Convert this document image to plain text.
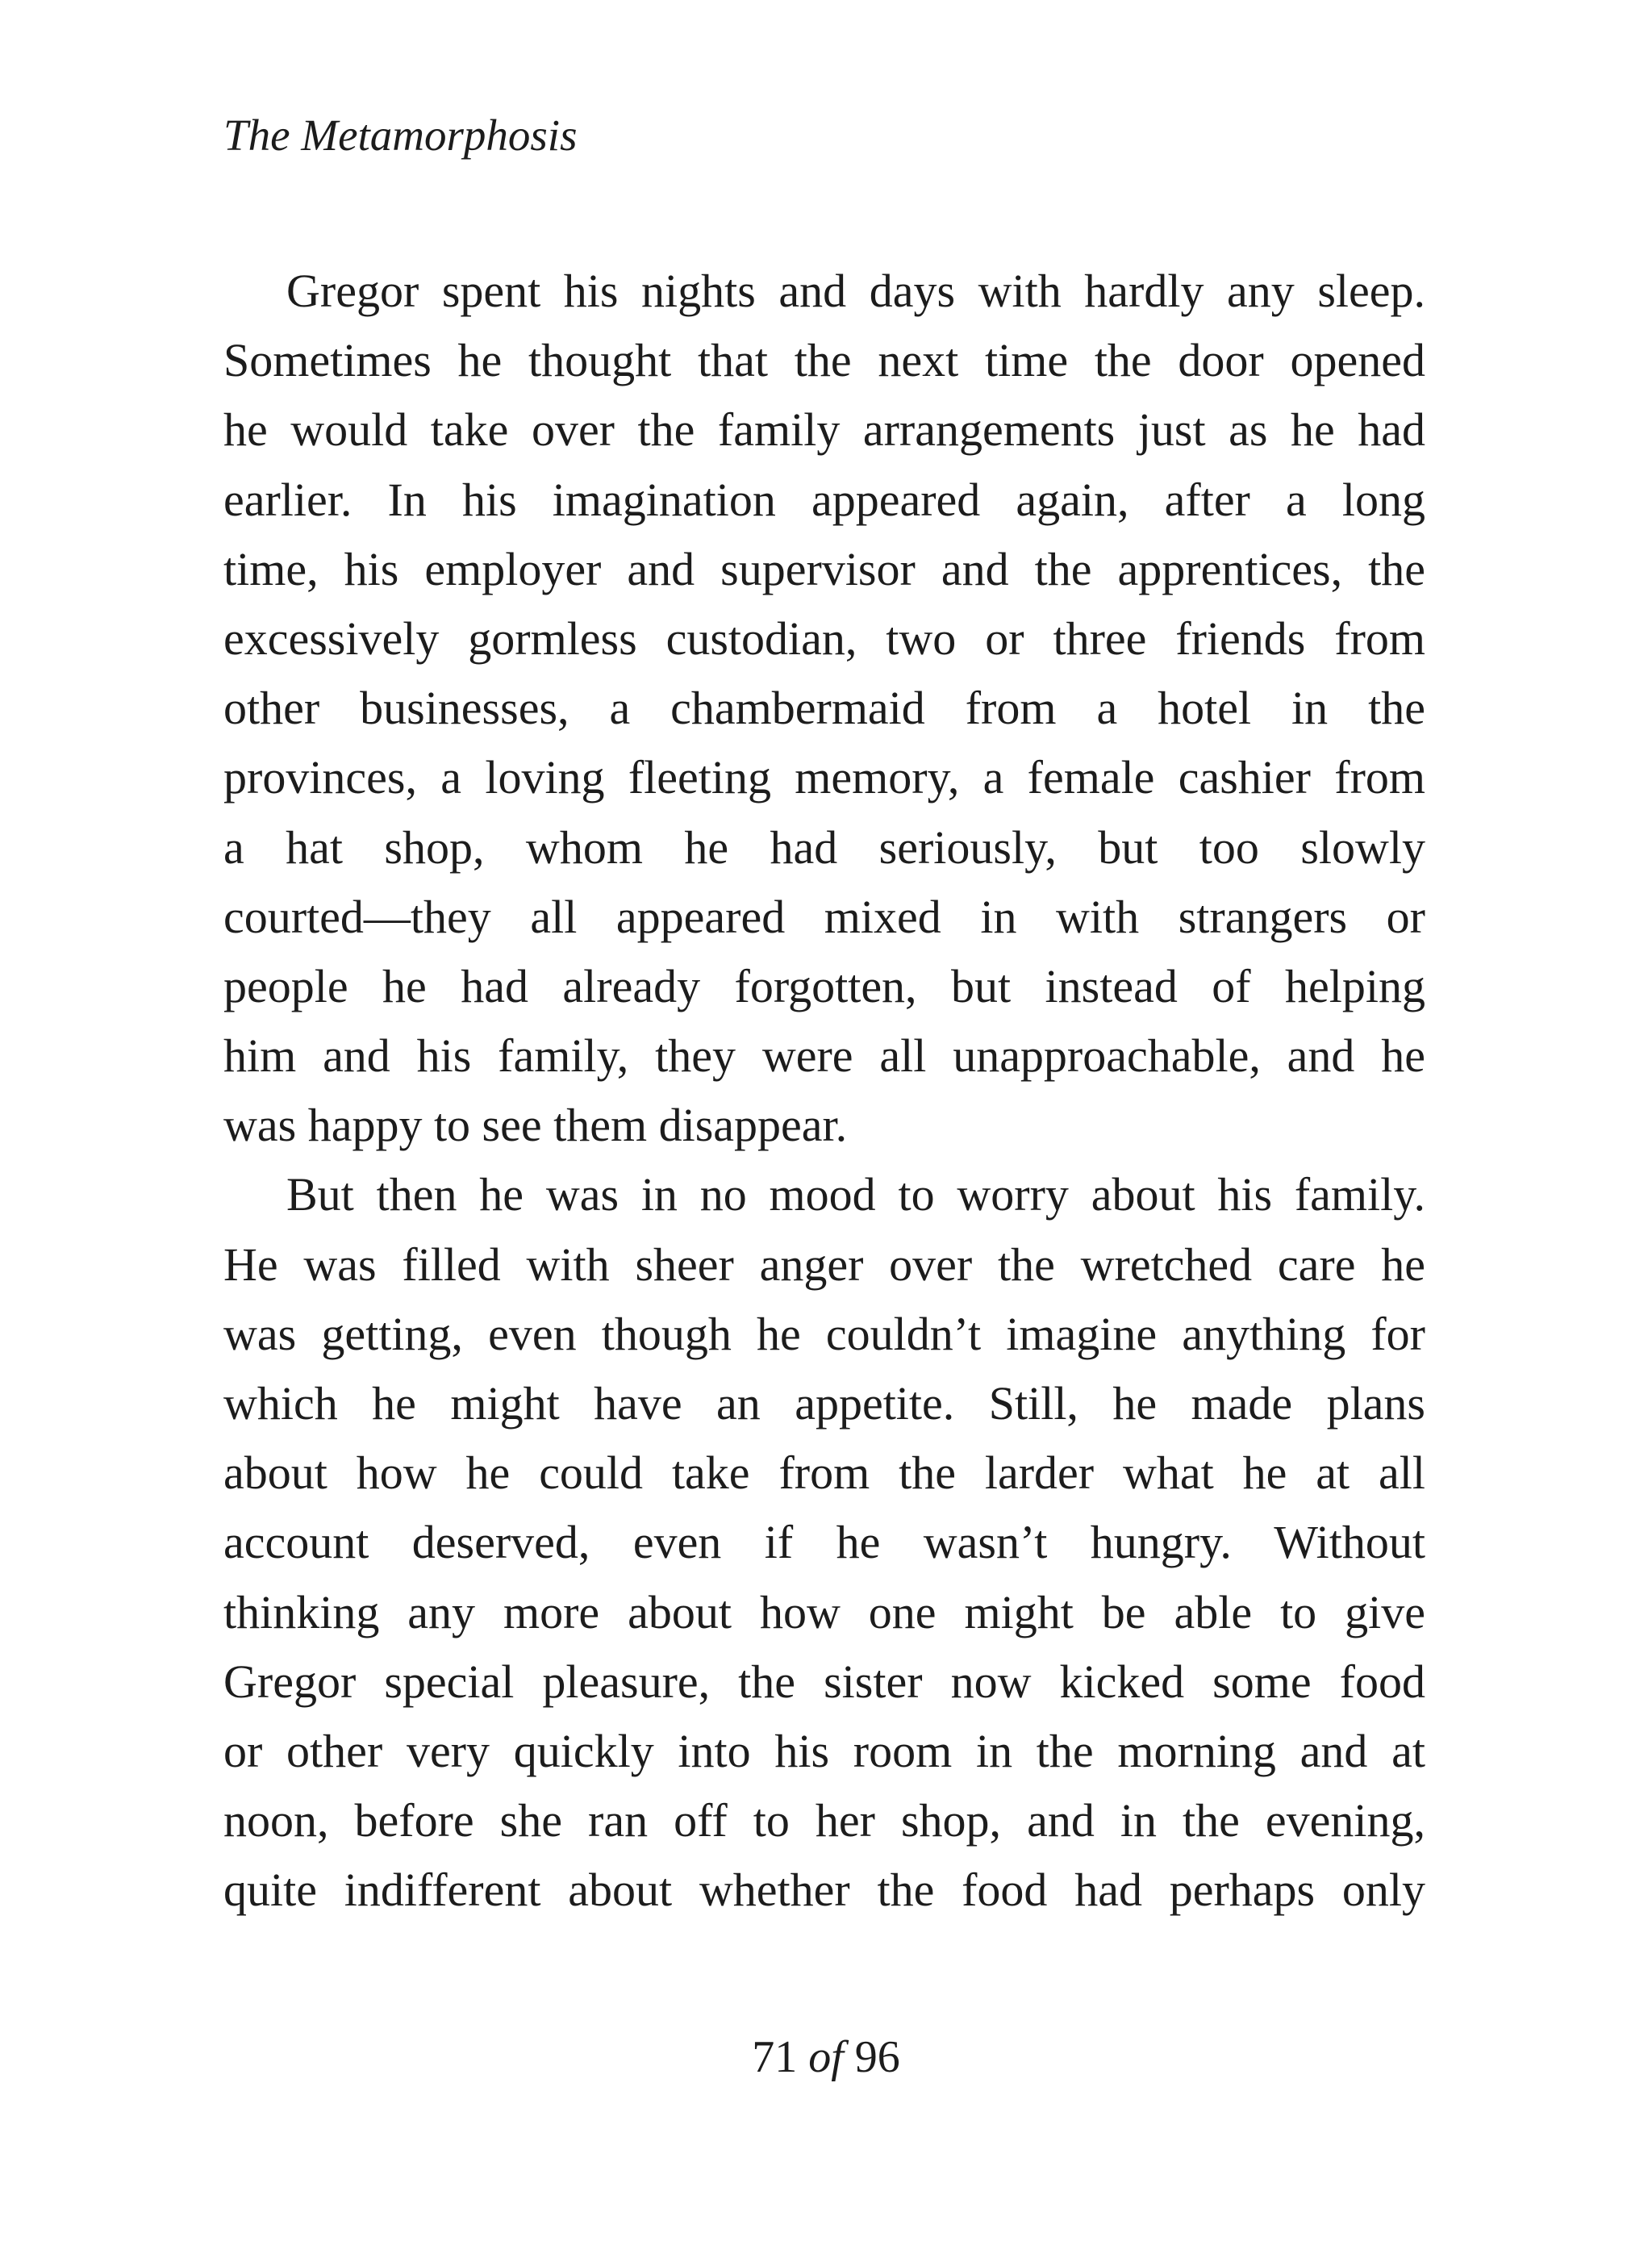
The Metamorphosis
Gregor spent his nights and days with hardly any sleep.
Sometimes he thought that the next time the door opened
he would take over the family arrangements just as he had
earlier. In his imagination appeared again, after a long
time, his employer and supervisor and the apprentices, the
excessively gormless custodian, two or three friends from
other businesses, a chambermaid from a hotel in the
provinces, a loving fleeting memory, a female cashier from
a hat shop, whom he had seriously, but too slowly
courted—they all appeared mixed in with strangers or
people he had already forgotten, but instead of helping
him and his family, they were all unapproachable, and he
was happy to see them disappear.
But then he was in no mood to worry about his family.
He was filled with sheer anger over the wretched care he
was getting, even though he couldn’t imagine anything for
which he might have an appetite. Still, he made plans
about how he could take from the larder what he at all
account deserved, even if he wasn’t hungry. Without
thinking any more about how one might be able to give
Gregor special pleasure, the sister now kicked some food
or other very quickly into his room in the morning and at
noon, before she ran off to her shop, and in the evening,
quite indifferent about whether the food had perhaps only
71 of 96
